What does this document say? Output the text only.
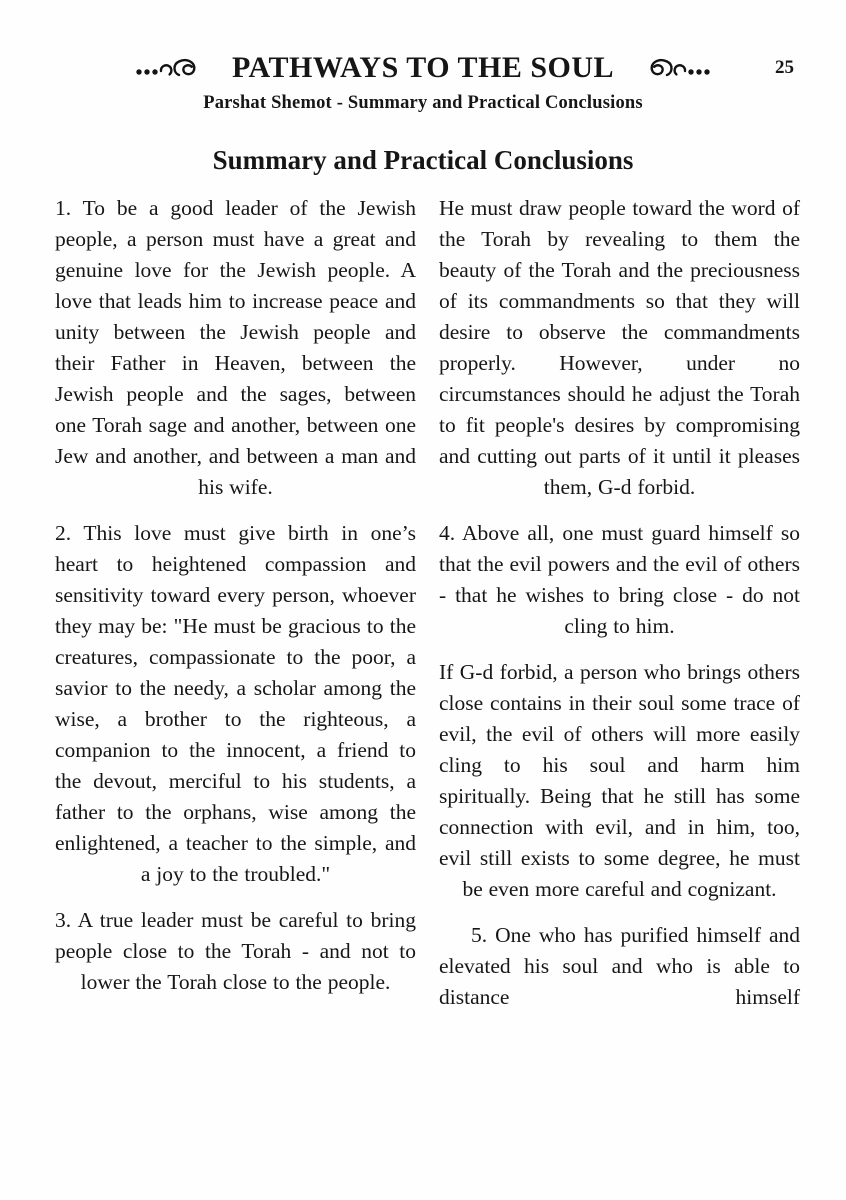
PATHWAYS TO THE SOUL	25
Parshat Shemot - Summary and Practical Conclusions
Summary and Practical Conclusions

1. To be a good leader of the Jewish people, a person must have a great and genuine love for the Jewish people. A love that leads him to increase peace and unity between the Jewish people and their Father in Heaven, between the Jewish people and the sages, between one Torah sage and another, between one Jew and another, and between a man and his wife.

2. This love must give birth in one’s heart to heightened compassion and sensitivity toward every person, whoever they may be: "He must be gracious to the creatures, compassionate to the poor, a savior to the needy, a scholar among the wise, a brother to the righteous, a companion to the innocent, a friend to the devout, merciful to his students, a father to the orphans, wise among the enlightened, a teacher to the simple, and a joy to the troubled."

3. A true leader must be careful to bring people close to the Torah - and not to lower the Torah close to the people.

He must draw people toward the word of the Torah by revealing to them the beauty of the Torah and the preciousness of its commandments so that they will desire to observe the commandments properly. However, under no circumstances should he adjust the Torah to fit people's desires by compromising and cutting out parts of it until it pleases them, G-d forbid.

4. Above all, one must guard himself so that the evil powers and the evil of others - that he wishes to bring close - do not cling to him.

If G-d forbid, a person who brings others close contains in their soul some trace of evil, the evil of others will more easily cling to his soul and harm him spiritually. Being that he still has some connection with evil, and in him, too, evil still exists to some degree, he must be even more careful and cognizant.

5. One who has purified himself and elevated his soul and who is able to distance himself
